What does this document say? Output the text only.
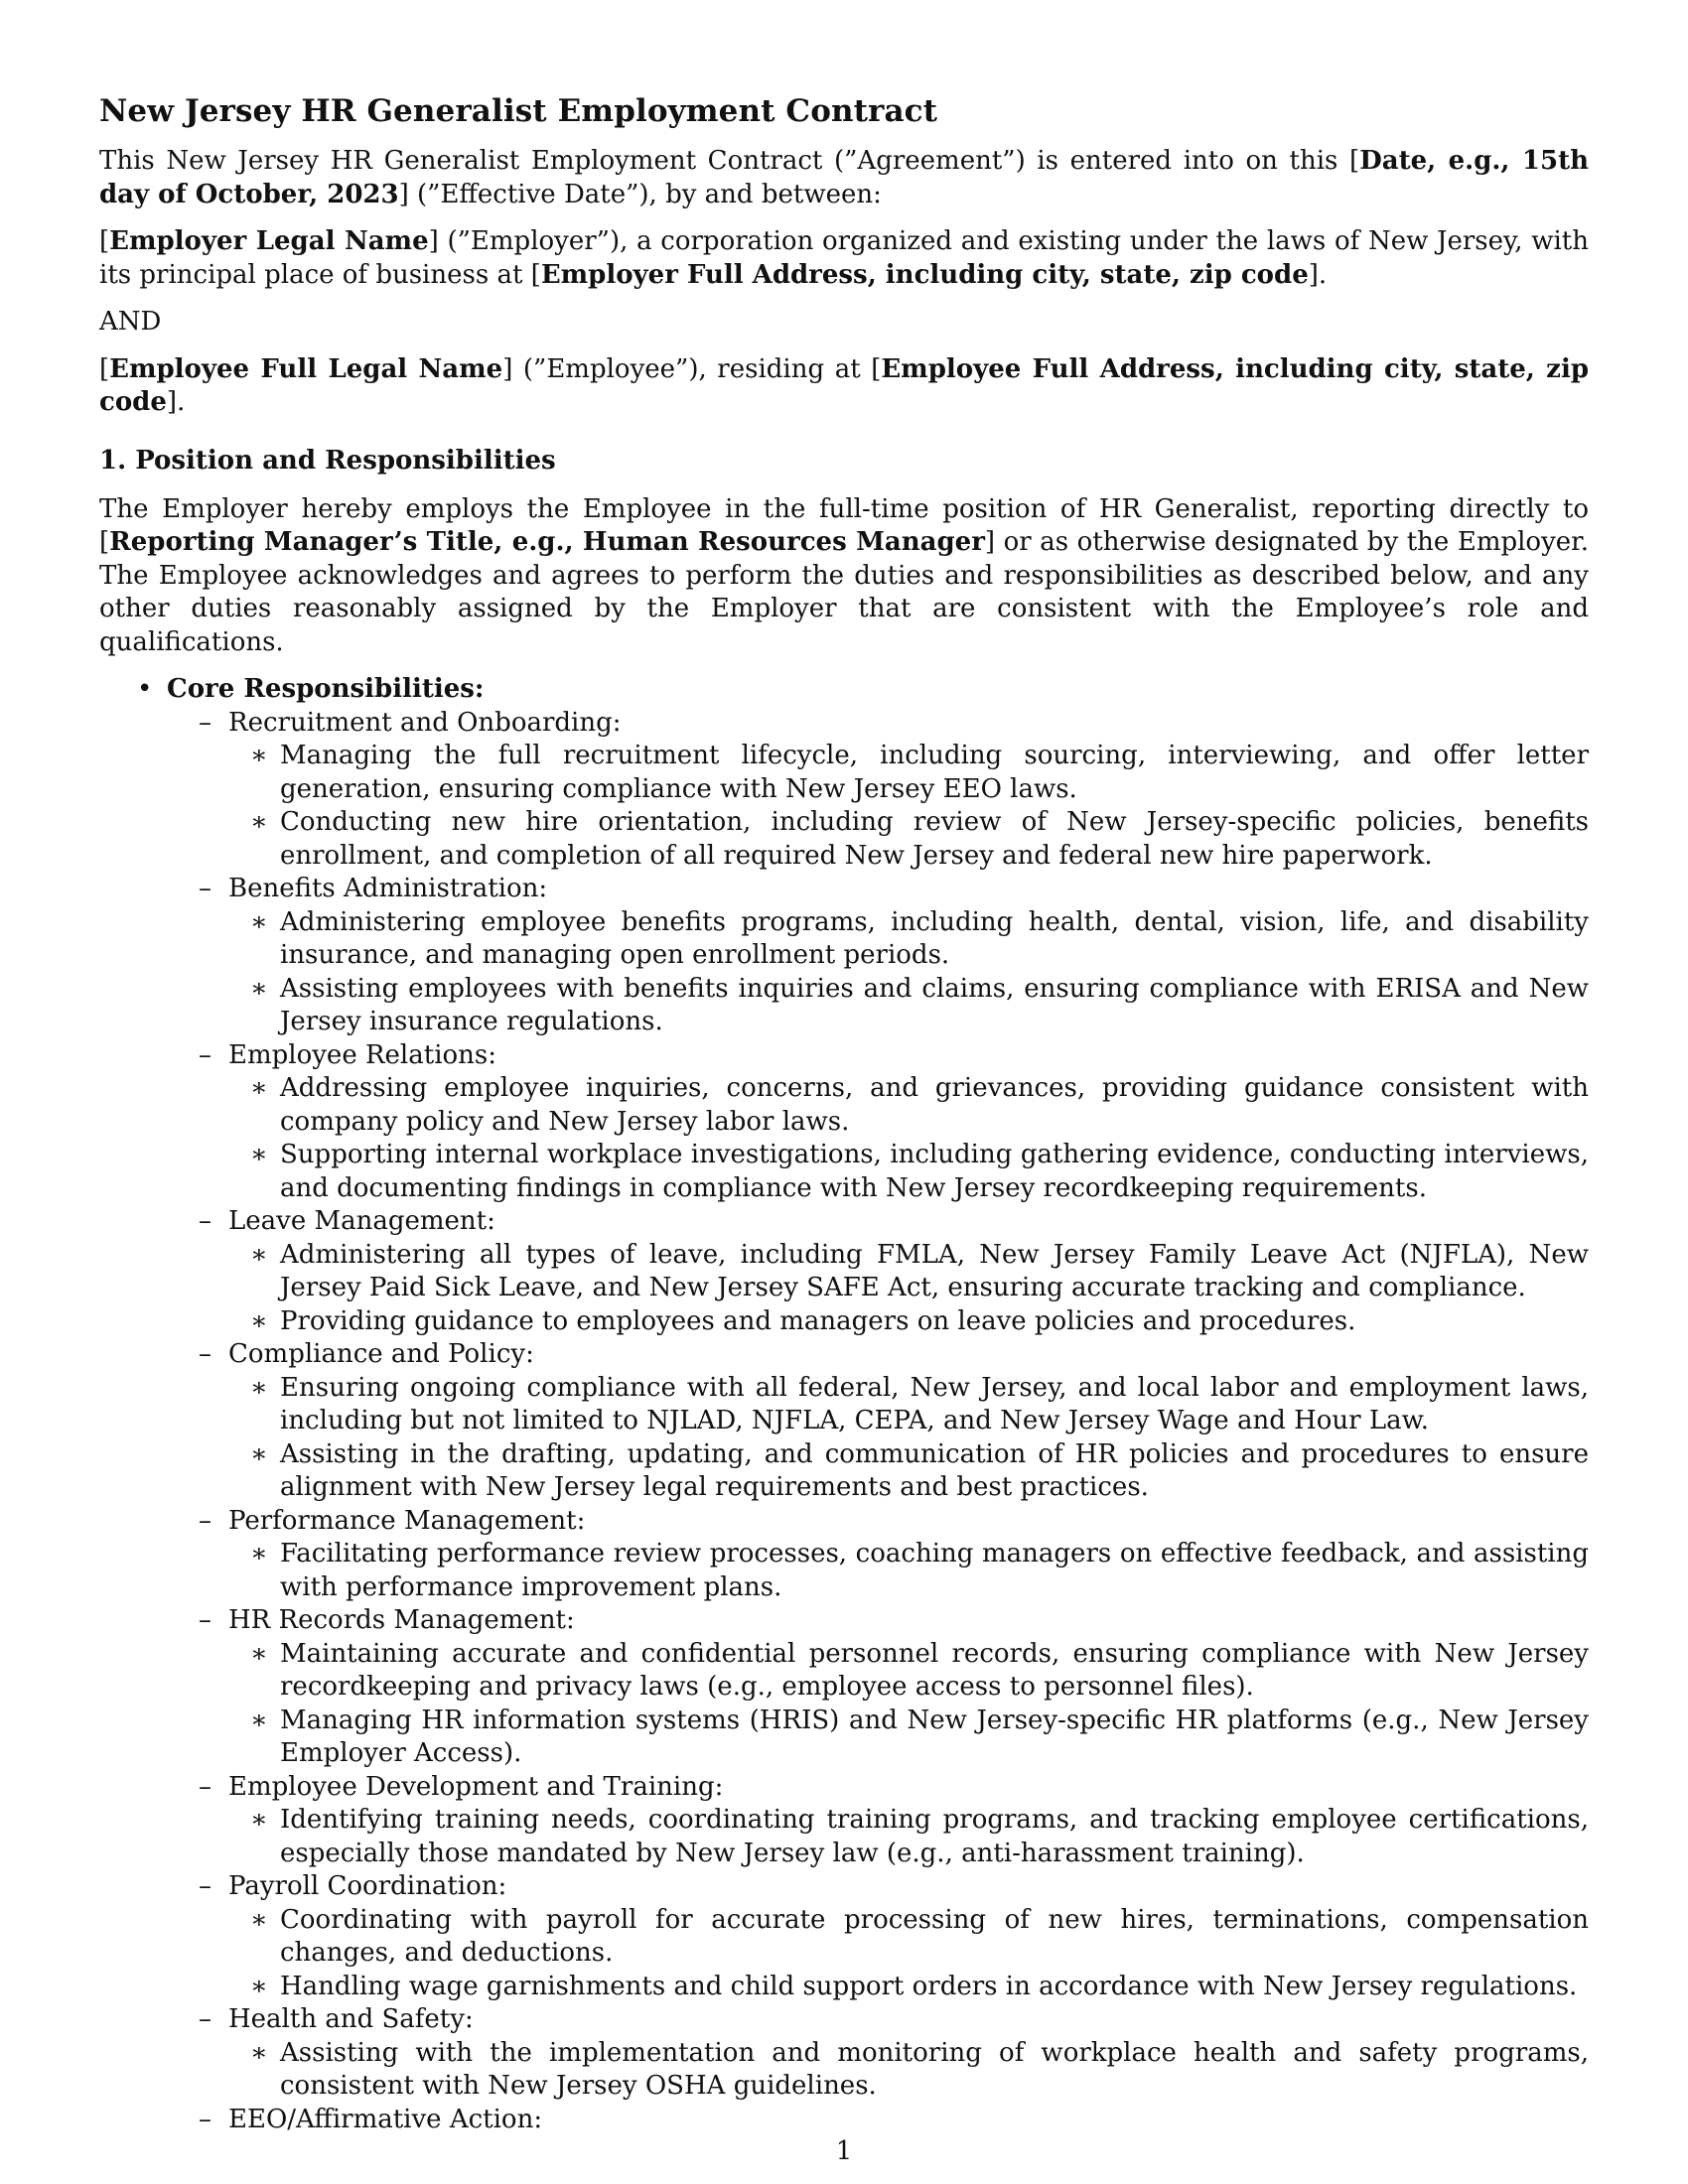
New Jersey HR Generalist Employment Contract

This New Jersey HR Generalist Employment Contract (”Agreement”) is entered into on this [Date, e.g., 15th day of October, 2023] (”Effective Date”), by and between:

[Employer Legal Name] (”Employer”), a corporation organized and existing under the laws of New Jersey, with its principal place of business at [Employer Full Address, including city, state, zip code].

AND

[Employee Full Legal Name] (”Employee”), residing at [Employee Full Address, including city, state, zip code].

1. Position and Responsibilities

The Employer hereby employs the Employee in the full-time position of HR Generalist, reporting directly to [Reporting Manager’s Title, e.g., Human Resources Manager] or as otherwise designated by the Employer. The Employee acknowledges and agrees to perform the duties and responsibilities as described below, and any other duties reasonably assigned by the Employer that are consistent with the Employee’s role and qualifications.

• Core Responsibilities:
– Recruitment and Onboarding:
∗ Managing the full recruitment lifecycle, including sourcing, interviewing, and offer letter generation, ensuring compliance with New Jersey EEO laws.
∗ Conducting new hire orientation, including review of New Jersey-specific policies, benefits enrollment, and completion of all required New Jersey and federal new hire paperwork.
– Benefits Administration:
∗ Administering employee benefits programs, including health, dental, vision, life, and disability insurance, and managing open enrollment periods.
∗ Assisting employees with benefits inquiries and claims, ensuring compliance with ERISA and New Jersey insurance regulations.
– Employee Relations:
∗ Addressing employee inquiries, concerns, and grievances, providing guidance consistent with company policy and New Jersey labor laws.
∗ Supporting internal workplace investigations, including gathering evidence, conducting interviews, and documenting findings in compliance with New Jersey recordkeeping requirements.
– Leave Management:
∗ Administering all types of leave, including FMLA, New Jersey Family Leave Act (NJFLA), New Jersey Paid Sick Leave, and New Jersey SAFE Act, ensuring accurate tracking and compliance.
∗ Providing guidance to employees and managers on leave policies and procedures.
– Compliance and Policy:
∗ Ensuring ongoing compliance with all federal, New Jersey, and local labor and employment laws, including but not limited to NJLAD, NJFLA, CEPA, and New Jersey Wage and Hour Law.
∗ Assisting in the drafting, updating, and communication of HR policies and procedures to ensure alignment with New Jersey legal requirements and best practices.
– Performance Management:
∗ Facilitating performance review processes, coaching managers on effective feedback, and assisting with performance improvement plans.
– HR Records Management:
∗ Maintaining accurate and confidential personnel records, ensuring compliance with New Jersey recordkeeping and privacy laws (e.g., employee access to personnel files).
∗ Managing HR information systems (HRIS) and New Jersey-specific HR platforms (e.g., New Jersey Employer Access).
– Employee Development and Training:
∗ Identifying training needs, coordinating training programs, and tracking employee certifications, especially those mandated by New Jersey law (e.g., anti-harassment training).
– Payroll Coordination:
∗ Coordinating with payroll for accurate processing of new hires, terminations, compensation changes, and deductions.
∗ Handling wage garnishments and child support orders in accordance with New Jersey regulations.
– Health and Safety:
∗ Assisting with the implementation and monitoring of workplace health and safety programs, consistent with New Jersey OSHA guidelines.
– EEO/Affirmative Action:
1
